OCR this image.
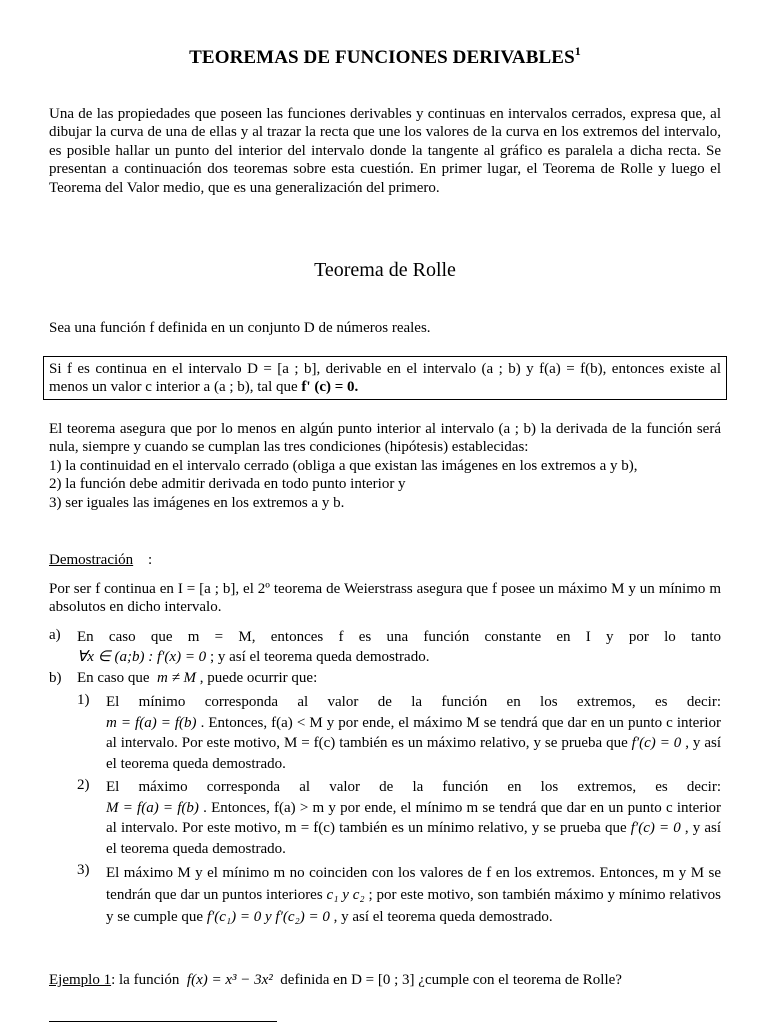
TEOREMAS DE FUNCIONES DERIVABLES$^1$

Una de las propiedades que poseen las funciones derivables y continuas en intervalos cerrados, expresa que, al dibujar la curva de una de ellas y al trazar la recta que une los valores de la curva en los extremos del intervalo, es posible hallar un punto del interior del intervalo donde la tangente al gráfico es paralela a dicha recta. Se presentan a continuación dos teoremas sobre esta cuestión. En primer lugar, el Teorema de Rolle y luego el Teorema del Valor medio, que es una generalización del primero.

Teorema de Rolle
Sea una función f definida en un conjunto D de números reales.

Si f es continua en el intervalo D = [a ; b], derivable en el intervalo (a ; b) y f(a) = f(b), entonces existe al menos un valor c interior a (a ; b), tal que f' (c) = 0.

El teorema asegura que por lo menos en algún punto interior al intervalo (a ; b) la derivada de la función será nula, siempre y cuando se cumplan las tres condiciones (hipótesis) establecidas:

1) la continuidad en el intervalo cerrado (obliga a que existan las imágenes en los extremos a y b),

2) la función debe admitir derivada en todo punto interior y

3) ser iguales las imágenes en los extremos a y b.

Demostración :

Por ser f continua en I = [a ; b], el 2º teorema de Weierstrass asegura que f posee un máximo M y un mínimo m absolutos en dicho intervalo.

a) En caso que m = M, entonces f es una función constante en I y por lo tanto
∀x ∈ (a;b) : f′(x) = 0 ; y así el teorema queda demostrado.
b) En caso que m ≠ M , puede ocurrir que:
1) El mínimo corresponda al valor de la función en los extremos, es decir:
m = f(a) = f(b) . Entonces, f(a) < M y por ende, el máximo M se tendrá que dar en un punto c interior al intervalo. Por este motivo, M = f(c) también es un máximo relativo, y se prueba que f′(c) = 0 , y así el teorema queda demostrado.
2) El máximo corresponda al valor de la función en los extremos, es decir:
M = f(a) = f(b) . Entonces, f(a) > m y por ende, el mínimo m se tendrá que dar en un punto c interior al intervalo. Por este motivo, m = f(c) también es un mínimo relativo, y se prueba que f′(c) = 0 , y así el teorema queda demostrado.
3) El máximo M y el mínimo m no coinciden con los valores de f en los extremos. Entonces, m y M se tendrán que dar un puntos interiores c₁ y c₂ ; por este motivo, son también máximo y mínimo relativos y se cumple que f′(c₁) = 0 y f′(c₂) = 0 , y así el teorema queda demostrado.
Ejemplo 1: la función f(x) = x³ − 3x² definida en D = [0 ; 3] ¿cumple con el teorema de Rolle?
